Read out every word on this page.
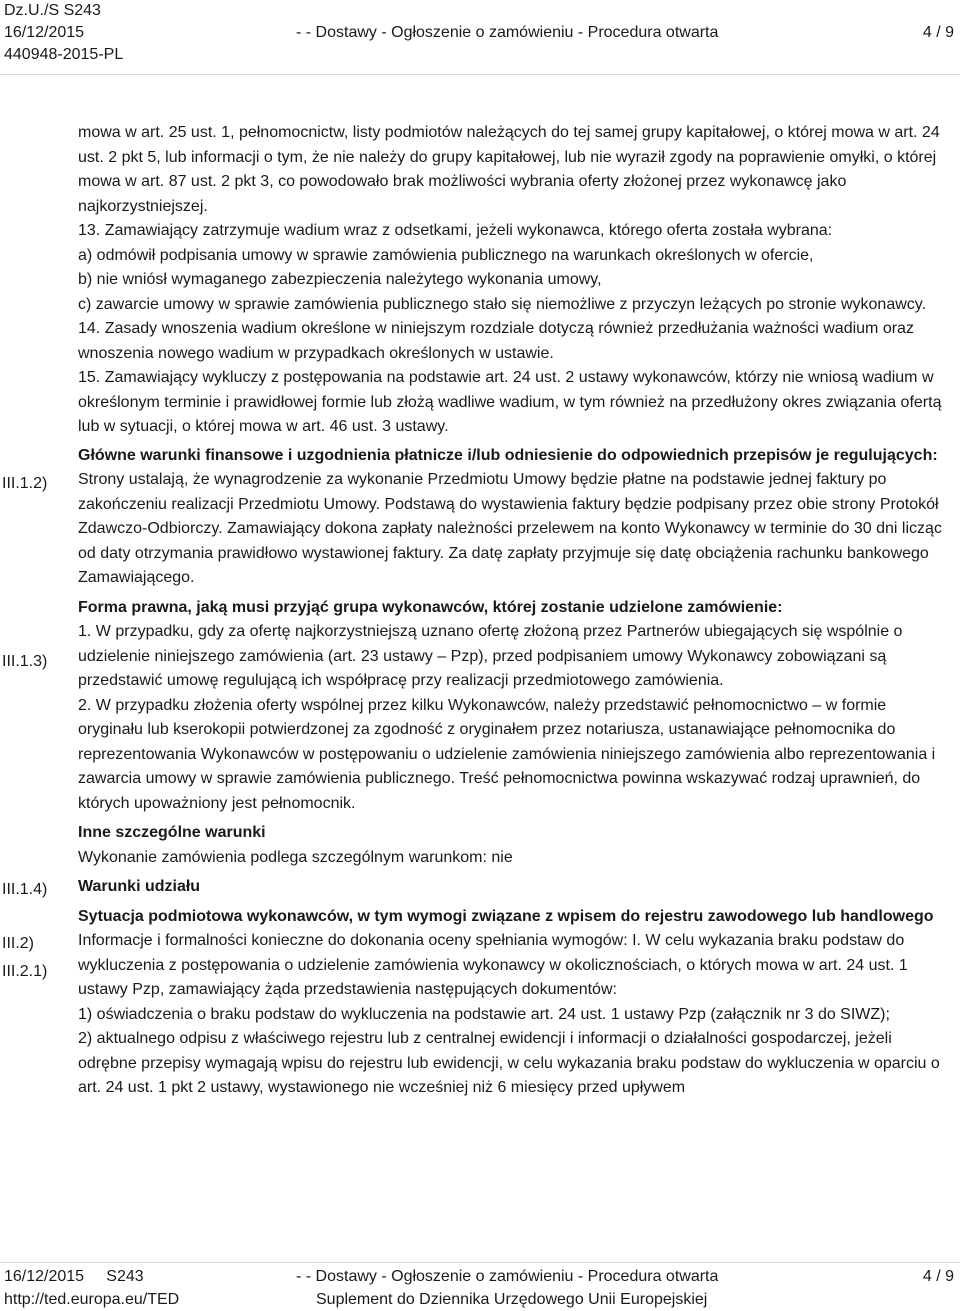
Dz.U./S S243
16/12/2015
440948-2015-PL
- - Dostawy - Ogłoszenie o zamówieniu - Procedura otwarta	4 / 9
III.1.2)
III.1.3)
III.1.4)
III.2)
III.2.1)
mowa w art. 25 ust. 1, pełnomocnictw, listy podmiotów należących do tej samej grupy kapitałowej, o której mowa w art. 24 ust. 2 pkt 5, lub informacji o tym, że nie należy do grupy kapitałowej, lub nie wyraził zgody na poprawienie omyłki, o której mowa w art. 87 ust. 2 pkt 3, co powodowało brak możliwości wybrania oferty złożonej przez wykonawcę jako najkorzystniejszej.
13. Zamawiający zatrzymuje wadium wraz z odsetkami, jeżeli wykonawca, którego oferta została wybrana:
a) odmówił podpisania umowy w sprawie zamówienia publicznego na warunkach określonych w ofercie,
b) nie wniósł wymaganego zabezpieczenia należytego wykonania umowy,
c) zawarcie umowy w sprawie zamówienia publicznego stało się niemożliwe z przyczyn leżących po stronie wykonawcy.
14. Zasady wnoszenia wadium określone w niniejszym rozdziale dotyczą również przedłużania ważności wadium oraz wnoszenia nowego wadium w przypadkach określonych w ustawie.
15. Zamawiający wykluczy z postępowania na podstawie art. 24 ust. 2 ustawy wykonawców, którzy nie wniosą wadium w określonym terminie i prawidłowej formie lub złożą wadliwe wadium, w tym również na przedłużony okres związania ofertą lub w sytuacji, o której mowa w art. 46 ust. 3 ustawy.
Główne warunki finansowe i uzgodnienia płatnicze i/lub odniesienie do odpowiednich przepisów je regulujących:
Strony ustalają, że wynagrodzenie za wykonanie Przedmiotu Umowy będzie płatne na podstawie jednej faktury po zakończeniu realizacji Przedmiotu Umowy. Podstawą do wystawienia faktury będzie podpisany przez obie strony Protokół Zdawczo-Odbiorczy. Zamawiający dokona zapłaty należności przelewem na konto Wykonawcy w terminie do 30 dni licząc od daty otrzymania prawidłowo wystawionej faktury. Za datę zapłaty przyjmuje się datę obciążenia rachunku bankowego Zamawiającego.
Forma prawna, jaką musi przyjąć grupa wykonawców, której zostanie udzielone zamówienie:
1. W przypadku, gdy za ofertę najkorzystniejszą uznano ofertę złożoną przez Partnerów ubiegających się wspólnie o udzielenie niniejszego zamówienia (art. 23 ustawy – Pzp), przed podpisaniem umowy Wykonawcy zobowiązani są przedstawić umowę regulującą ich współpracę przy realizacji przedmiotowego zamówienia.
2. W przypadku złożenia oferty wspólnej przez kilku Wykonawców, należy przedstawić pełnomocnictwo – w formie oryginału lub kserokopii potwierdzonej za zgodność z oryginałem przez notariusza, ustanawiające pełnomocnika do reprezentowania Wykonawców w postępowaniu o udzielenie zamówienia niniejszego zamówienia albo reprezentowania i zawarcia umowy w sprawie zamówienia publicznego. Treść pełnomocnictwa powinna wskazywać rodzaj uprawnień, do których upoważniony jest pełnomocnik.
Inne szczególne warunki
Wykonanie zamówienia podlega szczególnym warunkom: nie
Warunki udziału
Sytuacja podmiotowa wykonawców, w tym wymogi związane z wpisem do rejestru zawodowego lub handlowego
Informacje i formalności konieczne do dokonania oceny spełniania wymogów: I. W celu wykazania braku podstaw do wykluczenia z postępowania o udzielenie zamówienia wykonawcy w okolicznościach, o których mowa w art. 24 ust. 1 ustawy Pzp, zamawiający żąda przedstawienia następujących dokumentów:
1) oświadczenia o braku podstaw do wykluczenia na podstawie art. 24 ust. 1 ustawy Pzp (załącznik nr 3 do SIWZ);
2) aktualnego odpisu z właściwego rejestru lub z centralnej ewidencji i informacji o działalności gospodarczej, jeżeli odrębne przepisy wymagają wpisu do rejestru lub ewidencji, w celu wykazania braku podstaw do wykluczenia w oparciu o art. 24 ust. 1 pkt 2 ustawy, wystawionego nie wcześniej niż 6 miesięcy przed upływem
16/12/2015     S243	- - Dostawy - Ogłoszenie o zamówieniu - Procedura otwarta	4 / 9
http://ted.europa.eu/TED	Suplement do Dziennika Urzędowego Unii Europejskiej
